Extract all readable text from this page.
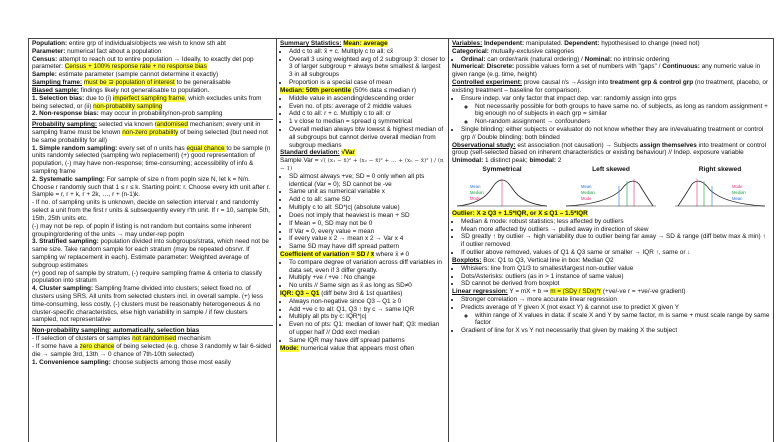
Population: entire grp of individuals/objects we wish to know sth abt

Parameter: numerical fact about a population

Census: attempt to reach out to entire population → Ideally, to exactly det pop parameter: Census + 100% response rate + no response bias

Sample: estimate parameter (sample cannot determine it exactly)

Sampling frame: must be ⊇ population of interest to be generalisable

Biased sample: findings likely not generalisable to population.

1. Selection bias: due to (i) imperfect sampling frame, which excludes units from being selected, or (ii) non-probability sampling

2. Non-response bias: may occur in probability/non-prob sampling

Probability sampling: selected via known randomised mechanism; every unit in sampling frame must be known non-zero probability of being selected (but need not be same probability for all)

1. Simple random sampling: every set of n units has equal chance to be sample (n units randomly selected (sampling w/o replacement) (+) good representation of population, (-) may have non-response; time-consuming; accessibility of info & sampling frame

2. Systematic sampling: For sample of size n from popln size N, let k = N/n. Choose r randomly such that 1 ≤ r ≤ k. Starting point: r. Choose every kth unit after r. Sample = r, r + k, r + 2k, …, r + (n-1)k.

- If no. of sampling units is unknown, decide on selection interval r and randomly select a unit from the first r units & subsequently every r'th unit. If r = 10, sample 5th, 15th, 25th units etc.

(-) may not be rep. of popln if listing is not random but contains some inherent grouping/ordering of the units → may under-rep popln

3. Stratified sampling: population divided into subgroups/strata, which need not be same size. Take random sample for each stratum (may be repeated obsrvr. If sampling w/ replacement in each). Estimate parameter: Weighted average of subgroup estimates

(+) good rep of sample by stratum, (-) require sampling frame & criteria to classify population into stratum

4. Cluster sampling: Sampling frame divided into clusters; select fixed no. of clusters using SRS. All units from selected clusters incl. in overall sample. (+) less time-consuming, less costly, (-) clusters must be reasonably heterogeneous & no cluster-specific characteristics, else high variability in sample / if few clusters sampled, not representative

Non-probability sampling: automatically, selection bias

- If selection of clusters or samples not randomised mechanism

- If some have a zero chance of being selected (e.g. chose 3 randomly w fair 6-sided die → sample 3rd, 13th → 0 chance of 7th-10th selected)

1. Convenience sampling: choose subjects among those most easily

Summary Statistics: Mean: average

• Add c to all: x̄ + c. Multiply c to all: cx̄
• Overall 3 using weighted avg of 2 subgroup 3: closer to 3 of larger subgroup + always betw smallest & largest 3 in all subgroups
• Proportion is a special case of mean

Median: 50th percentile (50% data ≤ median r)

• Middle value in ascending/descending order
• Even no. of pts: average of 2 middle values
• Add c to all: r + c. Multiply c to all: cr
• 1 v close to median = spread q symmetrical
• Overall median always btw lowest & highest median of all subgroups but cannot derive overall median from subgroup medians

Standard deviation: √Var

Sample Var = √( (x₁ − x̄)² + (x₂ − x̄)² + … + (xₙ − x̄)² ) / (n − 1)

• SD almost always +ve; SD = 0 only when all pts identical (Var = 0); SD cannot be -ve
• Same unit as numerical variable x
• Add c to all: same SD
• Multiply c to all: SD*|c| (absolute value)
• Does not imply that heaviest is mean + SD
• If Mean = 0, SD may not be 0
• If Var = 0, every value = mean
• If every value x 2 → mean x 2 → Var x 4
• Same SD may have diff spread pattern

Coefficient of variation = SD / x̄ where x̄ ≠ 0

• To compare degree of variation across diff variables in data set, even if 3 differ greatly.
• Multiply +ve / +ve : No change
• No units // Same sign as x̄ as long as SD≠0

IQR: Q3 – Q1 (diff betw 3rd & 1st quartiles)

• Always non-negative since Q3 – Q1 ≥ 0
• Add +ve c to all: Q1, Q3 ↑ by c → same IQR
• Multiply all pts by c: IQR*|c|
• Even no of pts: Q1: median of lower half; Q3: median of upper half // Odd excl median
• Same IQR may have diff spread patterns

Mode: numerical value that appears most often

Variables: Independent: manipulated. Dependent: hypothesised to change (need not)

Categorical: mutually-exclusive categories

• Ordinal: can order/rank (natural ordering) / Nominal: no intrinsic ordering

Numerical: Discrete: possible values form a set of numbers with "gaps" / Continuous: any numeric value in given range (e.g. time, height)

Controlled experiment: prove causal r/s →Assign into treatment grp & control grp (no treatment, placebo, or existing treatment – baseline for comparison).

• Ensure indep. var only factor that impact dep. var: randomly assign into grps
◦ Not necessarily possible for both groups to have same no. of subjects, as long as random assignment + big enough no of subjects in each grp = similar
◦ Non-random assignment → confounders
• Single blinding: either subjects or evaluator do not know whether they are in/evaluating treatment or control grp // Double blinding: both blinded

Observational study: est association (not causation) → Subjects assign themselves into treatment or control group (self-selected based on inherent characteristics or existing behaviour) // Indep. exposure variable

Unimodal: 1 distinct peak; bimodal: 2

Symmetrical
Mean
Median
Mode
Left skewed
Mean
Median
Mode
Right skewed
Mode
Median
Mean

Outlier: X ≥ Q3 + 1.5*IQR, or X ≤ Q1 – 1.5*IQR

• Median & mode: robust statistics; less affected by outliers
• Mean more affected by outliers → pulled away in direction of skew
• SD greatly ↑ by outlier → high variability due to outlier being far away → SD & range (diff betw max & min) ↑ if outlier removed
• If outlier above removed, values of Q1 & Q3 same or smaller → IQR ↑, same or ↓

Boxplots: Box: Q1 to Q3, Vertical line in box: Median Q2

• Whiskers: line from Q1/3 to smallest/largest non-outlier value
• Dots/Asterisks: outliers (as in > 1 instance of same value)
• SD cannot be derived from boxplot

Linear regression: Y = mX + b ⇒ m = (SDy / SDx)*r (+ve/-ve r = +ve/-ve gradient)

• Stronger correlation → more accurate linear regression
• Predicts average of Y given X (not exact Y) & cannot use to predict X given Y
◦ within range of X values in data: if scale X and Y by same factor, m is same + must scale range by same factor
• Gradient of line for X vs Y not necessarily that given by making X the subject
